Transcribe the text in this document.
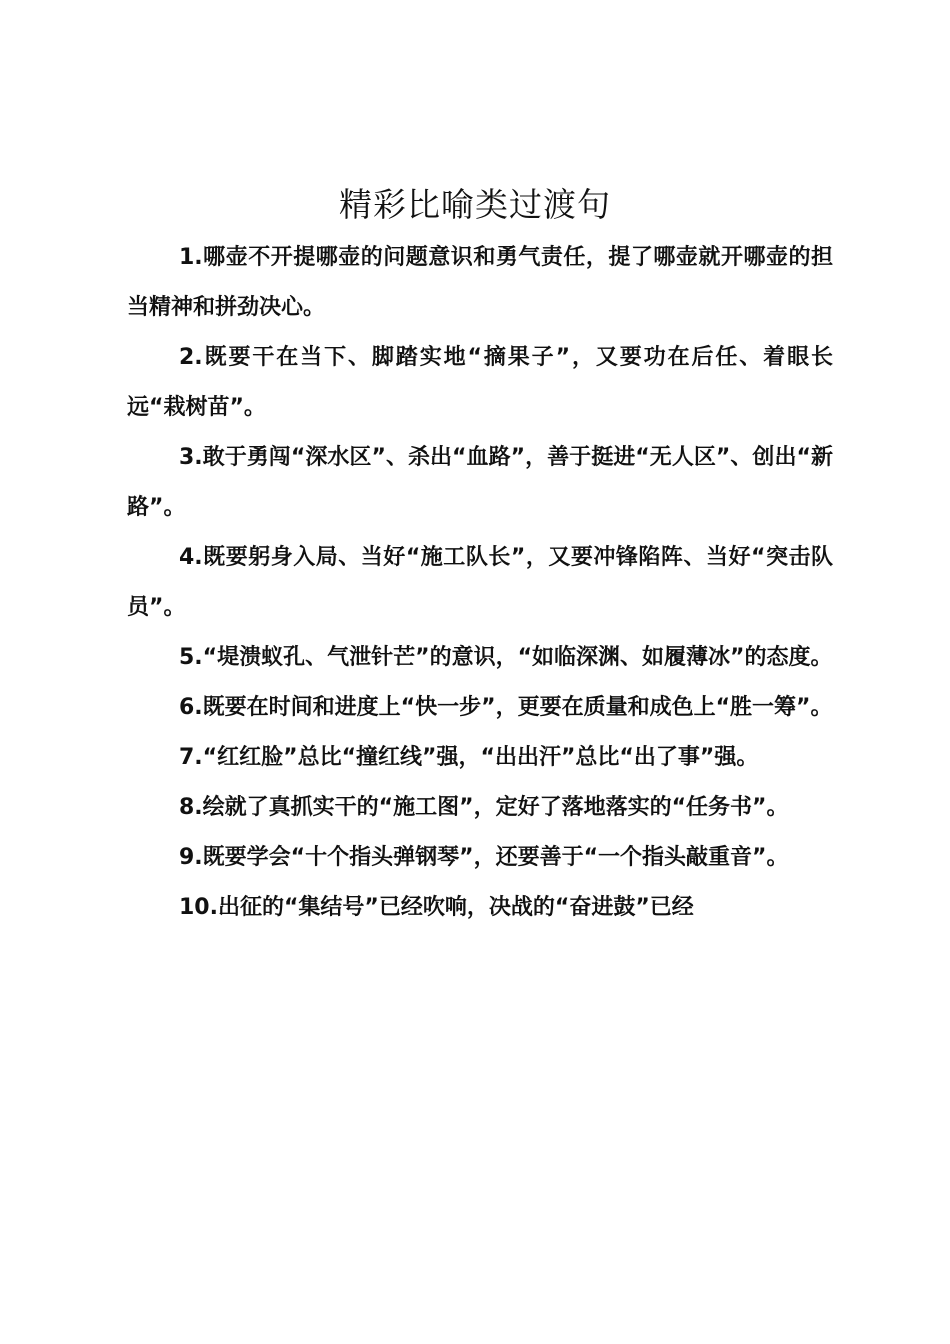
精彩比喻类过渡句

1.哪壶不开提哪壶的问题意识和勇气责任，提了哪壶就开哪壶的担当精神和拼劲决心。

2.既要干在当下、脚踏实地“摘果子”，又要功在后任、着眼长远“栽树苗”。

3.敢于勇闯“深水区”、杀出“血路”，善于挺进“无人区”、创出“新路”。

4.既要躬身入局、当好“施工队长”，又要冲锋陷阵、当好“突击队员”。

5.“堤溃蚁孔、气泄针芒”的意识，“如临深渊、如履薄冰”的态度。

6.既要在时间和进度上“快一步”，更要在质量和成色上“胜一筹”。

7.“红红脸”总比“撞红线”强，“出出汗”总比“出了事”强。

8.绘就了真抓实干的“施工图”，定好了落地落实的“任务书”。

9.既要学会“十个指头弹钢琴”，还要善于“一个指头敲重音”。

10.出征的“集结号”已经吹响，决战的“奋进鼓”已经
